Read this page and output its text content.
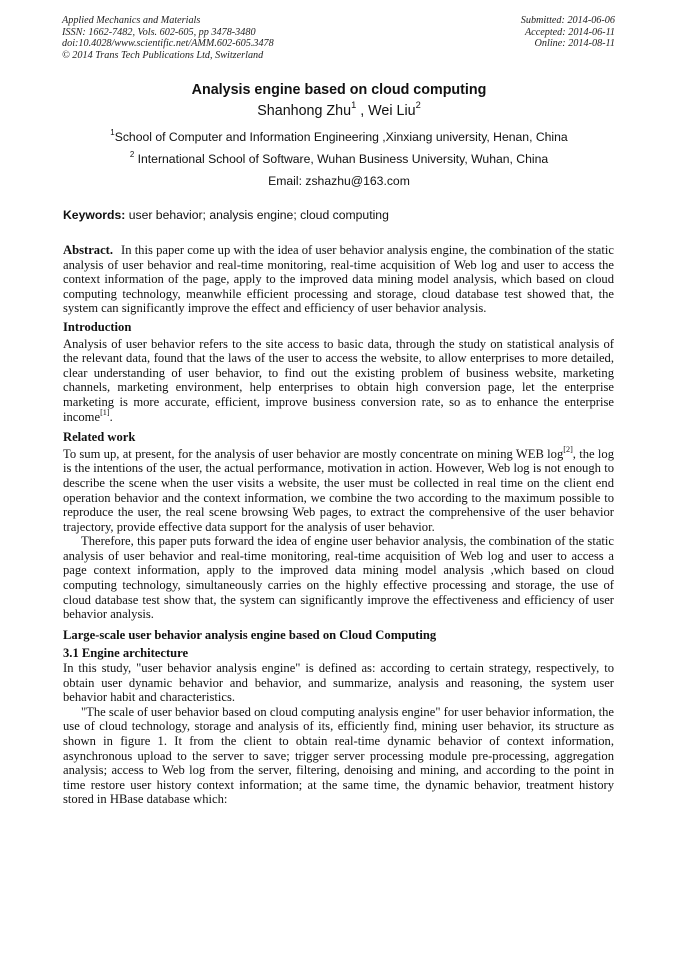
Applied Mechanics and Materials
ISSN: 1662-7482, Vols. 602-605, pp 3478-3480
doi:10.4028/www.scientific.net/AMM.602-605.3478
© 2014 Trans Tech Publications Ltd, Switzerland
Submitted: 2014-06-06
Accepted: 2014-06-11
Online: 2014-08-11
Analysis engine based on cloud computing
Shanhong Zhu$^1$ , Wei Liu$^2$
$^1$School of Computer and Information Engineering ,Xinxiang university, Henan, China
$^2$ International School of Software, Wuhan Business University, Wuhan, China
Email: zshazhu@163.com
Keywords: user behavior; analysis engine; cloud computing

Abstract. In this paper come up with the idea of user behavior analysis engine, the combination of the static analysis of user behavior and real-time monitoring, real-time acquisition of Web log and user to access the context information of the page, apply to the improved data mining model analysis, which based on cloud computing technology, meanwhile efficient processing and storage, cloud database test showed that, the system can significantly improve the effect and efficiency of user behavior analysis.

Introduction

Analysis of user behavior refers to the site access to basic data, through the study on statistical analysis of the relevant data, found that the laws of the user to access the website, to allow enterprises to more detailed, clear understanding of user behavior, to find out the existing problem of business website, marketing channels, marketing environment, help enterprises to obtain high conversion page, let the enterprise marketing is more accurate, efficient, improve business conversion rate, so as to enhance the enterprise income[1].

Related work

To sum up, at present, for the analysis of user behavior are mostly concentrate on mining WEB log[2], the log is the intentions of the user, the actual performance, motivation in action. However, Web log is not enough to describe the scene when the user visits a website, the user must be collected in real time on the client end operation behavior and the context information, we combine the two according to the maximum possible to reproduce the user, the real scene browsing Web pages, to extract the comprehensive of the user behavior trajectory, provide effective data support for the analysis of user behavior.

Therefore, this paper puts forward the idea of engine user behavior analysis, the combination of the static analysis of user behavior and real-time monitoring, real-time acquisition of Web log and user to access a page context information, apply to the improved data mining model analysis ,which based on cloud computing technology, simultaneously carries on the highly effective processing and storage, the use of cloud database test show that, the system can significantly improve the effectiveness and efficiency of user behavior analysis.

Large-scale user behavior analysis engine based on Cloud Computing
3.1 Engine architecture

In this study, "user behavior analysis engine" is defined as: according to certain strategy, respectively, to obtain user dynamic behavior and behavior, and summarize, analysis and reasoning, the system user behavior habit and characteristics.

"The scale of user behavior based on cloud computing analysis engine" for user behavior information, the use of cloud technology, storage and analysis of its, efficiently find, mining user behavior, its structure as shown in figure 1. It from the client to obtain real-time dynamic behavior of context information, asynchronous upload to the server to save; trigger server processing module pre-processing, aggregation analysis; access to Web log from the server, filtering, denoising and mining, and according to the point in time restore user history context information; at the same time, the dynamic behavior, treatment history stored in HBase database which:
